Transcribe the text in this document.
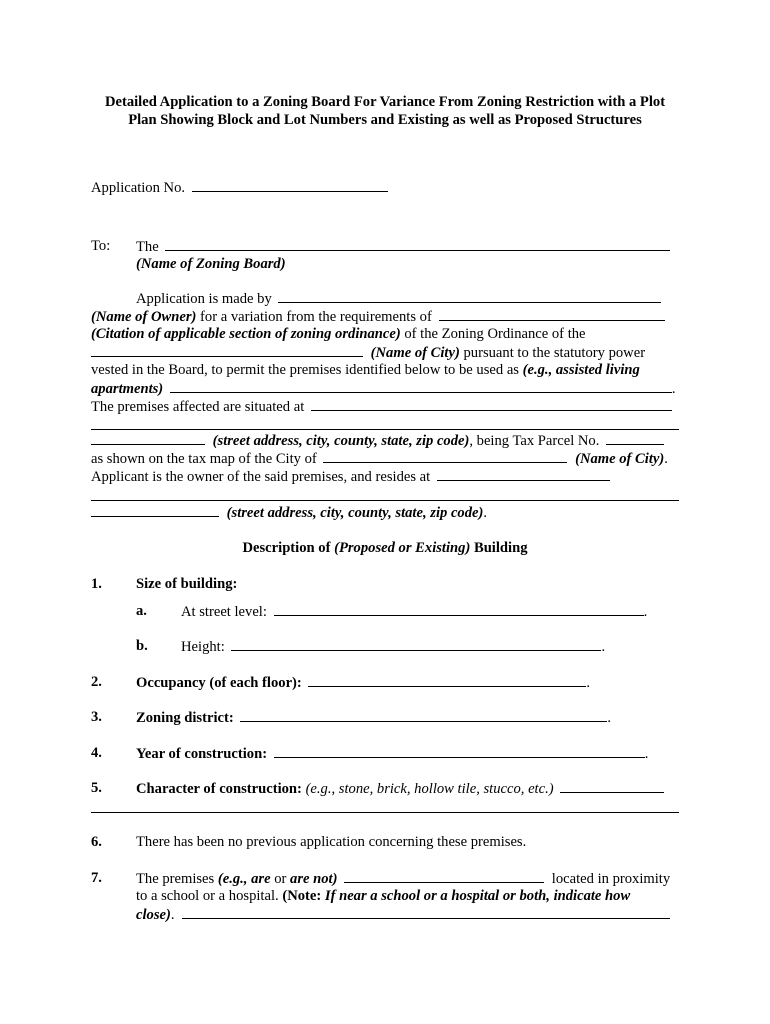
Detailed Application to a Zoning Board For Variance From Zoning Restriction with a Plot
Plan Showing Block and Lot Numbers and Existing as well as Proposed Structures
Application No.
To: The
(Name of Zoning Board)
Application is made by
(Name of Owner) for a variation from the requirements of
(Citation of applicable section of zoning ordinance) of the Zoning Ordinance of the
(Name of City) pursuant to the statutory power
vested in the Board, to permit the premises identified below to be used as (e.g., assisted living
apartments)	.
The premises affected are situated at
(street address, city, county, state, zip code), being Tax Parcel No.
as shown on the tax map of the City of	(Name of City).
Applicant is the owner of the said premises, and resides at
(street address, city, county, state, zip code).
Description of (Proposed or Existing) Building
1. Size of building:
a. At street level:	.
b. Height:	.
2. Occupancy (of each floor):	.
3. Zoning district:	.
4. Year of construction:	.
5. Character of construction: (e.g., stone, brick, hollow tile, stucco, etc.)
6. There has been no previous application concerning these premises.
7. The premises (e.g., are or are not)	located in proximity
to a school or a hospital. (Note: If near a school or a hospital or both, indicate how
close).
